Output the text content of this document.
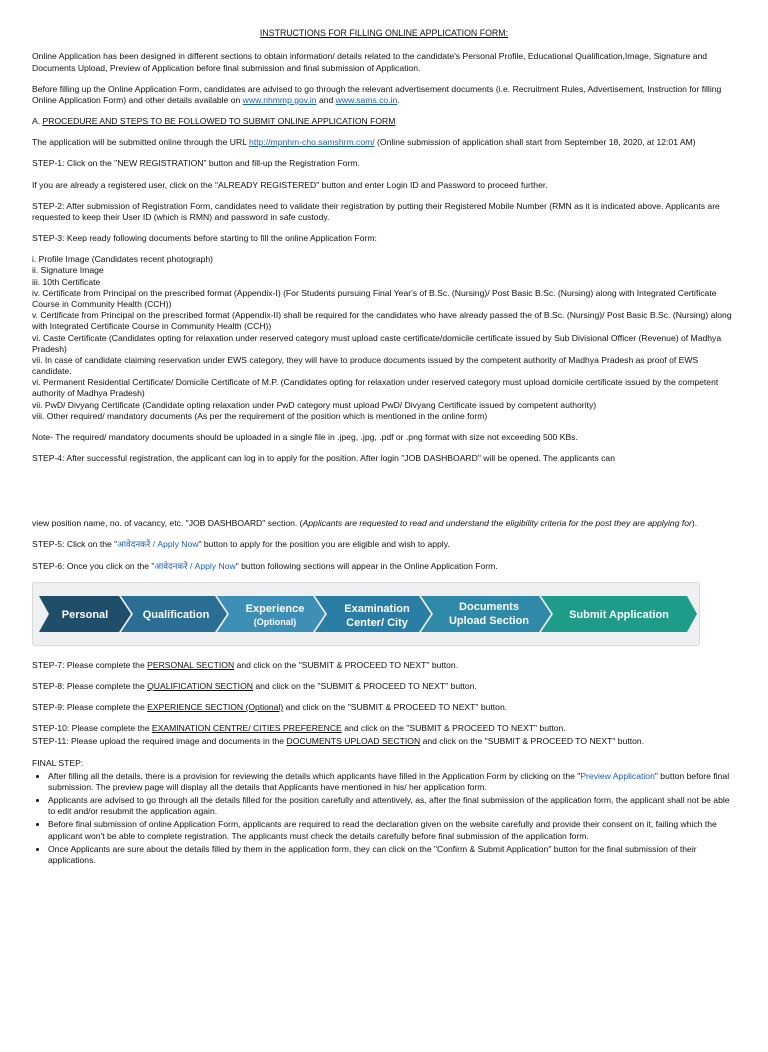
INSTRUCTIONS FOR FILLING ONLINE APPLICATION FORM:

Online Application has been designed in different sections to obtain information/ details related to the candidate's Personal Profile, Educational Qualification,Image, Signature and Documents Upload, Preview of Application before final submission and final submission of Application.

Before filling up the Online Application Form, candidates are advised to go through the relevant advertisement documents (i.e. Recruitment Rules, Advertisement, Instruction for filling Online Application Form) and other details available on www.nhmmp.gov.in and www.sams.co.in.

A. PROCEDURE AND STEPS TO BE FOLLOWED TO SUBMIT ONLINE APPLICATION FORM

The application will be submitted online through the URL http://mpnhm-cho.samshrm.com/ (Online submission of application shall start from September 18, 2020, at 12:01 AM)

STEP-1: Click on the "NEW REGISTRATION" button and fill-up the Registration Form.

If you are already a registered user, click on the "ALREADY REGISTERED" button and enter Login ID and Password to proceed further.

STEP-2: After submission of Registration Form, candidates need to validate their registration by putting their Registered Mobile Number (RMN as it is indicated above. Applicants are requested to keep their User ID (which is RMN) and password in safe custody.

STEP-3: Keep ready following documents before starting to fill the online Application Form:

i. Profile Image (Candidates recent photograph)
ii. Signature Image
iii. 10th Certificate
iv. Certificate from Principal on the prescribed format (Appendix-I) (For Students pursuing Final Year's of B.Sc. (Nursing)/ Post Basic B.Sc. (Nursing) along with Integrated Certificate Course in Community Health (CCH))
v. Certificate from Principal on the prescribed format (Appendix-II) shall be required for the candidates who have already passed the of B.Sc. (Nursing)/ Post Basic B.Sc. (Nursing) along with Integrated Certificate Course in Community Health (CCH))
vi. Caste Certificate (Candidates opting for relaxation under reserved category must upload caste certificate/domicile certificate issued by Sub Divisional Officer (Revenue) of Madhya Pradesh)
vii. In case of candidate claiming reservation under EWS category, they will have to produce documents issued by the competent authority of Madhya Pradesh as proof of EWS candidate.
vi. Permanent Residential Certificate/ Domicile Certificate of M.P. (Candidates opting for relaxation under reserved category must upload domicile certificate issued by the competent authority of Madhya Pradesh)
vii. PwD/ Divyang Certificate (Candidate opting relaxation under PwD category must upload PwD/ Divyang Certificate issued by competent authority)
viii. Other required/ mandatory documents (As per the requirement of the position which is mentioned in the online form)

Note- The required/ mandatory documents should be uploaded in a single file in .jpeg, .jpg, .pdf or .png format with size not exceeding 500 KBs.

STEP-4: After successful registration, the applicant can log in to apply for the position. After login "JOB DASHBOARD" will be opened. The applicants can

view position name, no. of vacancy, etc. "JOB DASHBOARD" section. (Applicants are requested to read and understand the eligibility criteria for the post they are applying for).

STEP-5: Click on the "आवेदनकरें / Apply Now" button to apply for the position you are eligible and wish to apply.

STEP-6: Once you click on the "आवेदनकरें / Apply Now" button following sections will appear in the Online Application Form.

Personal	Qualification	Experience
(Optional)
Examination
Center/ City
Documents
Upload Section	Submit Application

STEP-7: Please complete the PERSONAL SECTION and click on the "SUBMIT & PROCEED TO NEXT" button.

STEP-8: Please complete the QUALIFICATION SECTION and click on the "SUBMIT & PROCEED TO NEXT" button.

STEP-9: Please complete the EXPERIENCE SECTION (Optional) and click on the "SUBMIT & PROCEED TO NEXT" button.

STEP-10: Please complete the EXAMINATION CENTRE/ CITIES PREFERENCE and click on the "SUBMIT & PROCEED TO NEXT" button.

STEP-11: Please upload the required image and documents in the DOCUMENTS UPLOAD SECTION and click on the "SUBMIT & PROCEED TO NEXT" button.

FINAL STEP:

• After filling all the details, there is a provision for reviewing the details which applicants have filled in the Application Form by clicking on the "Preview Application" button before final submission. The preview page will display all the details that Applicants have mentioned in his/ her application form.
• Applicants are advised to go through all the details filled for the position carefully and attentively, as, after the final submission of the application form, the applicant shall not be able to edit and/or resubmit the application again.
• Before final submission of online Application Form, applicants are required to read the declaration given on the website carefully and provide their consent on it, failing which the applicant won't be able to complete registration. The applicants must check the details carefully before final submission of the application form.
• Once Applicants are sure about the details filled by them in the application form, they can click on the "Confirm & Submit Application" button for the final submission of their applications.
